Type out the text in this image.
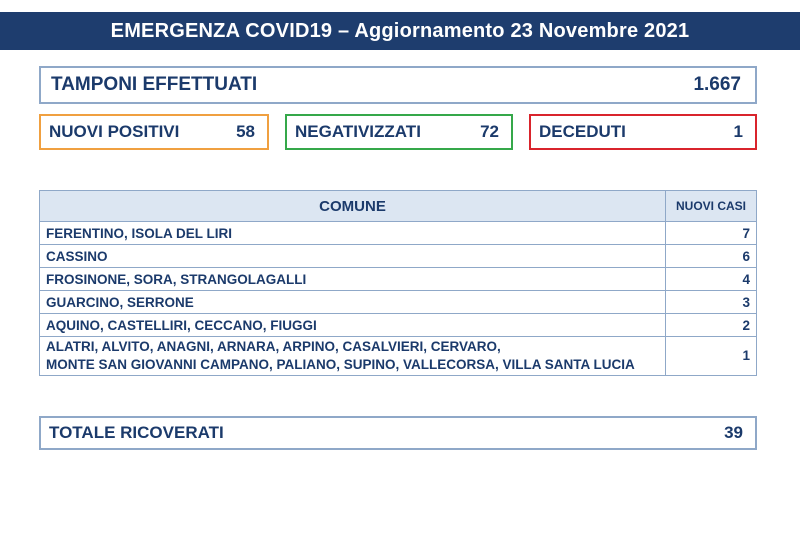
EMERGENZA COVID19 – Aggiornamento 23 Novembre 2021
TAMPONI EFFETTUATI	1.667
NUOVI POSITIVI	58 NEGATIVIZZATI	72 DECEDUTI	1
COMUNE	NUOVI CASI
FERENTINO, ISOLA DEL LIRI	7
CASSINO	6
FROSINONE, SORA, STRANGOLAGALLI	4
GUARCINO, SERRONE	3
AQUINO, CASTELLIRI, CECCANO, FIUGGI	2
ALATRI, ALVITO, ANAGNI, ARNARA, ARPINO, CASALVIERI, CERVARO,
MONTE SAN GIOVANNI CAMPANO, PALIANO, SUPINO, VALLECORSA, VILLA SANTA LUCIA	1
TOTALE RICOVERATI	39
